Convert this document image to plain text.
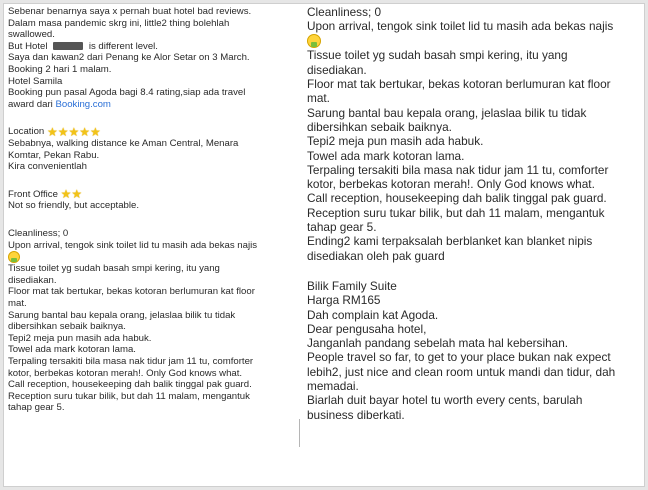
Sebenar benarnya saya x pernah buat hotel bad reviews.
Dalam masa pandemic skrg ini, little2 thing bolehlah
swallowed.
But Hotel	is different level.
Saya dan kawan2 dari Penang ke Alor Setar on 3 March.
Booking 2 hari 1 malam.
Hotel Samila
Booking pun pasal Agoda bagi 8.4 rating,siap ada travel
award dari Booking.com
Location ★★★★★
Sebabnya, walking distance ke Aman Central, Menara
Komtar, Pekan Rabu.
Kira convenientlah
Front Office ★★
Not so friendly, but acceptable.
Cleanliness; 0
Upon arrival, tengok sink toilet lid tu masih ada bekas najis
Tissue toilet yg sudah basah smpi kering, itu yang
disediakan.
Floor mat tak bertukar, bekas kotoran berlumuran kat floor
mat.
Sarung bantal bau kepala orang, jelaslaa bilik tu tidak
dibersihkan sebaik baiknya.
Tepi2 meja pun masih ada habuk.
Towel ada mark kotoran lama.
Terpaling tersakiti bila masa nak tidur jam 11 tu, comforter
kotor, berbekas kotoran merah!. Only God knows what.
Call reception, housekeeping dah balik tinggal pak guard.
Reception suru tukar bilik, but dah 11 malam, mengantuk
tahap gear 5.
Cleanliness; 0
Upon arrival, tengok sink toilet lid tu masih ada bekas najis
Tissue toilet yg sudah basah smpi kering, itu yang
disediakan.
Floor mat tak bertukar, bekas kotoran berlumuran kat floor
mat.
Sarung bantal bau kepala orang, jelaslaa bilik tu tidak
dibersihkan sebaik baiknya.
Tepi2 meja pun masih ada habuk.
Towel ada mark kotoran lama.
Terpaling tersakiti bila masa nak tidur jam 11 tu, comforter
kotor, berbekas kotoran merah!. Only God knows what.
Call reception, housekeeping dah balik tinggal pak guard.
Reception suru tukar bilik, but dah 11 malam, mengantuk
tahap gear 5.
Ending2 kami terpaksalah berblanket kan blanket nipis
disediakan oleh pak guard
Bilik Family Suite
Harga RM165
Dah complain kat Agoda.
Dear pengusaha hotel,
Janganlah pandang sebelah mata hal kebersihan.
People travel so far, to get to your place bukan nak expect
lebih2, just nice and clean room untuk mandi dan tidur, dah
memadai.
Biarlah duit bayar hotel tu worth every cents, barulah
business diberkati.
